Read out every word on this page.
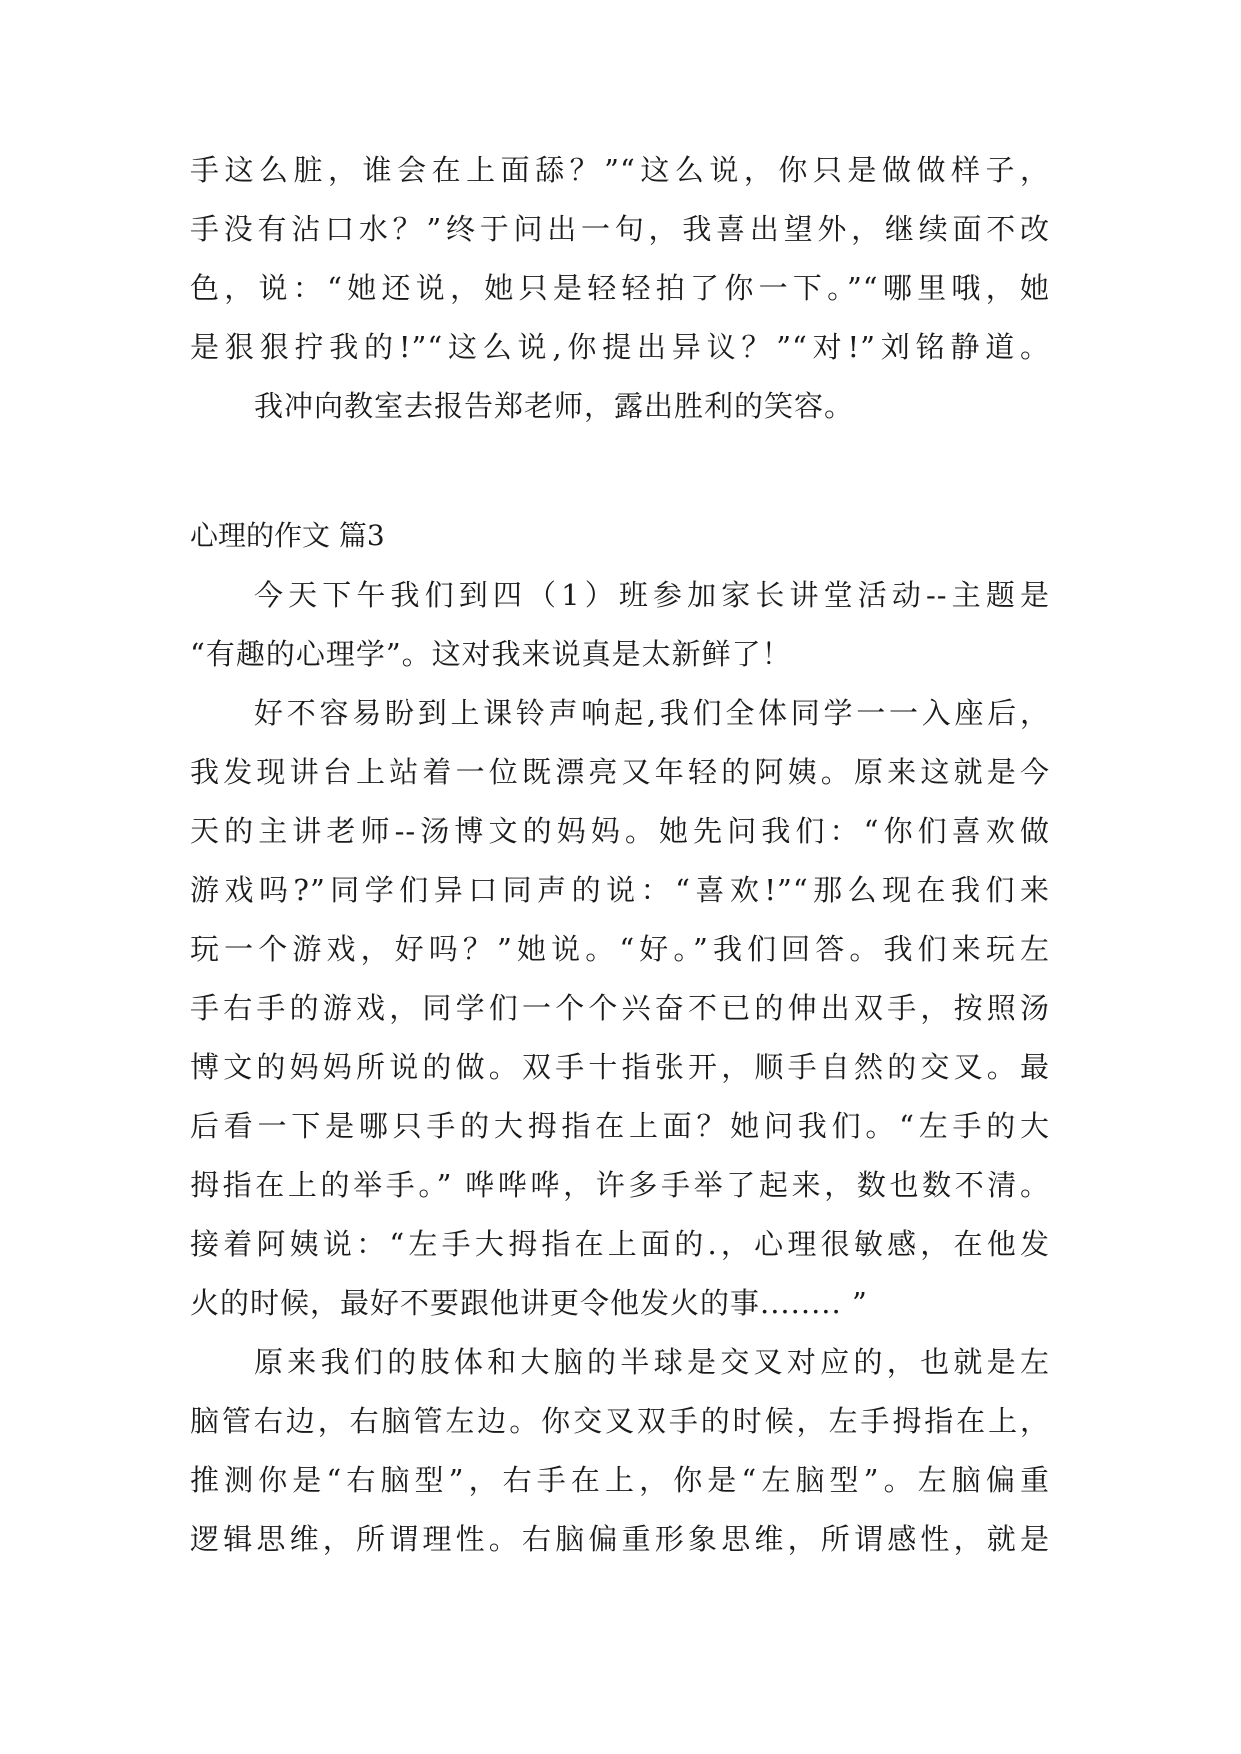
手这么脏，谁会在上面舔？”“这么说，你只是做做样子，
手没有沾口水？”终于问出一句，我喜出望外，继续面不改
色，说：“她还说，她只是轻轻拍了你一下。”“哪里哦，她
是狠狠拧我的!”“这么说,你提出异议？”“对!”刘铭静道。
我冲向教室去报告郑老师，露出胜利的笑容。
心理的作文 篇3
今天下午我们到四（1）班参加家长讲堂活动--主题是
“有趣的心理学”。这对我来说真是太新鲜了！
好不容易盼到上课铃声响起,我们全体同学一一入座后，
我发现讲台上站着一位既漂亮又年轻的阿姨。原来这就是今
天的主讲老师--汤博文的妈妈。她先问我们：“你们喜欢做
游戏吗?”同学们异口同声的说：“喜欢!”“那么现在我们来
玩一个游戏，好吗？”她说。“好。”我们回答。我们来玩左
手右手的游戏，同学们一个个兴奋不已的伸出双手，按照汤
博文的妈妈所说的做。双手十指张开，顺手自然的交叉。最
后看一下是哪只手的大拇指在上面？她问我们。“左手的大
拇指在上的举手。” 哗哗哗，许多手举了起来，数也数不清。
接着阿姨说：“左手大拇指在上面的.，心理很敏感，在他发
火的时候，最好不要跟他讲更令他发火的事........ ”
原来我们的肢体和大脑的半球是交叉对应的，也就是左
脑管右边，右脑管左边。你交叉双手的时候，左手拇指在上，
推测你是“右脑型”，右手在上，你是“左脑型”。左脑偏重
逻辑思维，所谓理性。右脑偏重形象思维，所谓感性，就是
